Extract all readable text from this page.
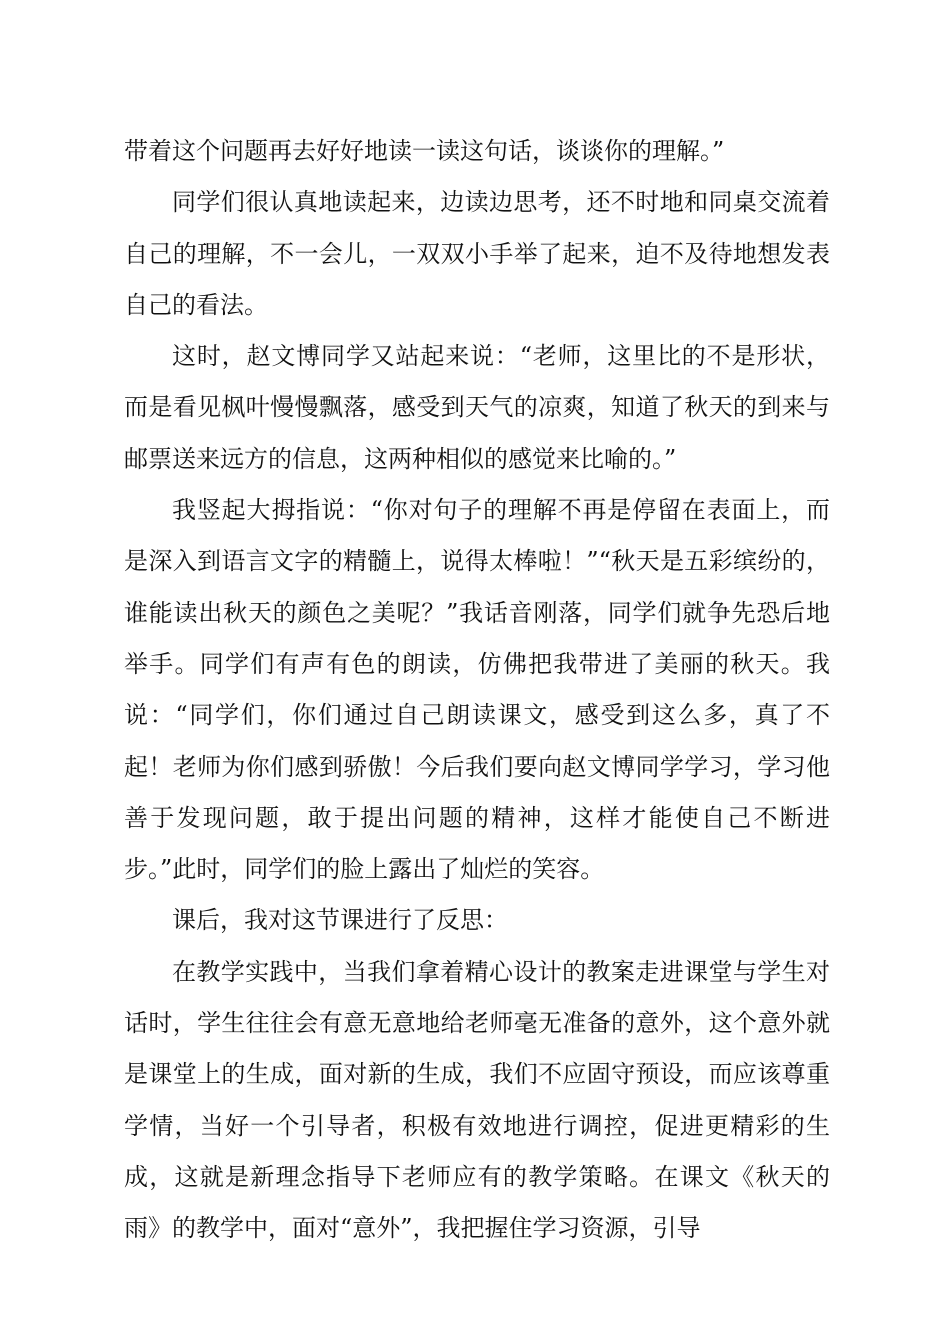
带着这个问题再去好好地读一读这句话，谈谈你的理解。”

同学们很认真地读起来，边读边思考，还不时地和同桌交流着自己的理解，不一会儿，一双双小手举了起来，迫不及待地想发表自己的看法。

这时，赵文博同学又站起来说：“老师，这里比的不是形状，而是看见枫叶慢慢飘落，感受到天气的凉爽，知道了秋天的到来与邮票送来远方的信息，这两种相似的感觉来比喻的。”

我竖起大拇指说：“你对句子的理解不再是停留在表面上，而是深入到语言文字的精髓上，说得太棒啦！”“秋天是五彩缤纷的，谁能读出秋天的颜色之美呢？”我话音刚落，同学们就争先恐后地举手。同学们有声有色的朗读，仿佛把我带进了美丽的秋天。我说：“同学们，你们通过自己朗读课文，感受到这么多，真了不起！老师为你们感到骄傲！今后我们要向赵文博同学学习，学习他善于发现问题，敢于提出问题的精神，这样才能使自己不断进步。”此时，同学们的脸上露出了灿烂的笑容。

课后，我对这节课进行了反思：

在教学实践中，当我们拿着精心设计的教案走进课堂与学生对话时，学生往往会有意无意地给老师毫无准备的意外，这个意外就是课堂上的生成，面对新的生成，我们不应固守预设，而应该尊重学情，当好一个引导者，积极有效地进行调控，促进更精彩的生成，这就是新理念指导下老师应有的教学策略。在课文《秋天的雨》的教学中，面对“意外”，我把握住学习资源，引导
